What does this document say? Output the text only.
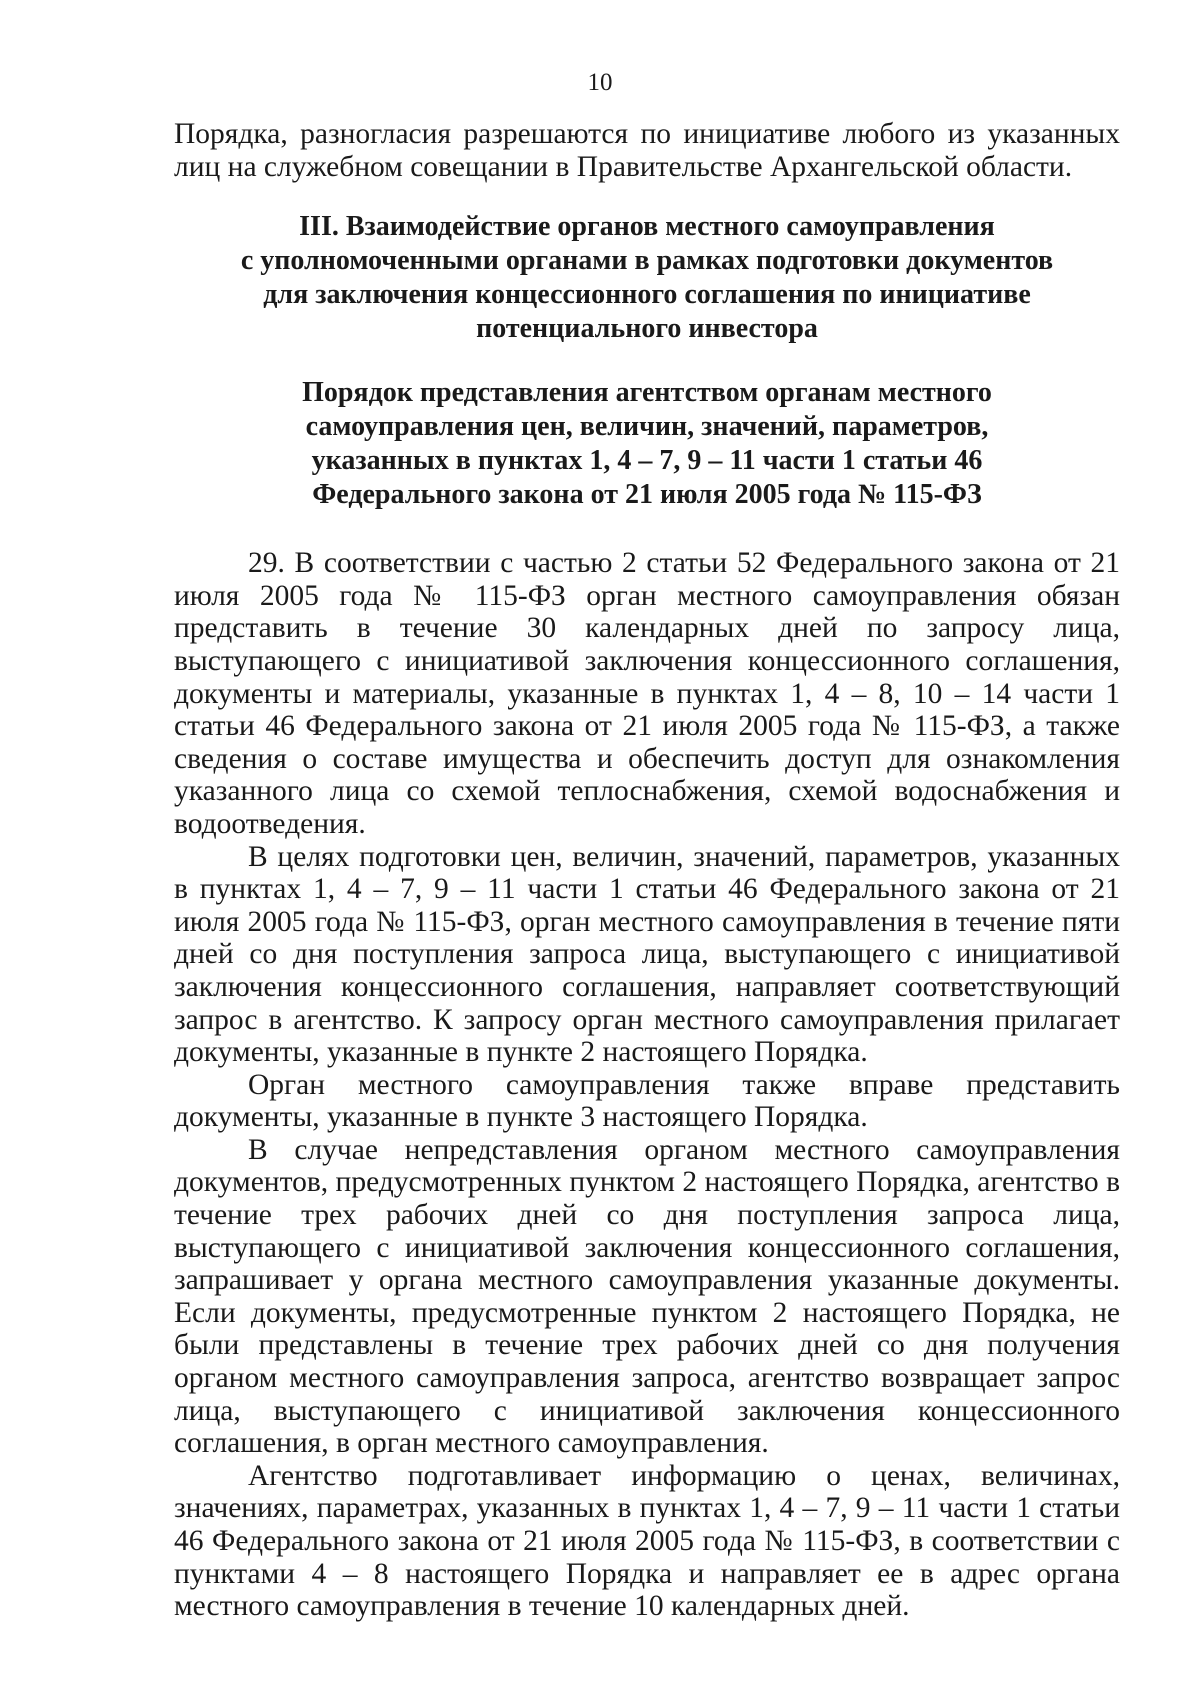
10

Порядка, разногласия разрешаются по инициативе любого из указанных лиц на служебном совещании в Правительстве Архангельской области.

III. Взаимодействие органов местного самоуправления
с уполномоченными органами в рамках подготовки документов
для заключения концессионного соглашения по инициативе
потенциального инвестора
Порядок представления агентством органам местного
самоуправления цен, величин, значений, параметров,
указанных в пунктах 1, 4 – 7, 9 – 11 части 1 статьи 46
Федерального закона от 21 июля 2005 года № 115-ФЗ

29. В соответствии с частью 2 статьи 52 Федерального закона от 21 июля 2005 года № 115-ФЗ орган местного самоуправления обязан представить в течение 30 календарных дней по запросу лица, выступающего с инициативой заключения концессионного соглашения, документы и материалы, указанные в пунктах 1, 4 – 8, 10 – 14 части 1 статьи 46 Федерального закона от 21 июля 2005 года № 115-ФЗ, а также сведения о составе имущества и обеспечить доступ для ознакомления указанного лица со схемой теплоснабжения, схемой водоснабжения и водоотведения.

В целях подготовки цен, величин, значений, параметров, указанных в пунктах 1, 4 – 7, 9 – 11 части 1 статьи 46 Федерального закона от 21 июля 2005 года № 115-ФЗ, орган местного самоуправления в течение пяти дней со дня поступления запроса лица, выступающего с инициативой заключения концессионного соглашения, направляет соответствующий запрос в агентство. К запросу орган местного самоуправления прилагает документы, указанные в пункте 2 настоящего Порядка.

Орган местного самоуправления также вправе представить документы, указанные в пункте 3 настоящего Порядка.

В случае непредставления органом местного самоуправления документов, предусмотренных пунктом 2 настоящего Порядка, агентство в течение трех рабочих дней со дня поступления запроса лица, выступающего с инициативой заключения концессионного соглашения, запрашивает у органа местного самоуправления указанные документы. Если документы, предусмотренные пунктом 2 настоящего Порядка, не были представлены в течение трех рабочих дней со дня получения органом местного самоуправления запроса, агентство возвращает запрос лица, выступающего с инициативой заключения концессионного соглашения, в орган местного самоуправления.

Агентство подготавливает информацию о ценах, величинах, значениях, параметрах, указанных в пунктах 1, 4 – 7, 9 – 11 части 1 статьи 46 Федерального закона от 21 июля 2005 года № 115-ФЗ, в соответствии с пунктами 4 – 8 настоящего Порядка и направляет ее в адрес органа местного самоуправления в течение 10 календарных дней.
